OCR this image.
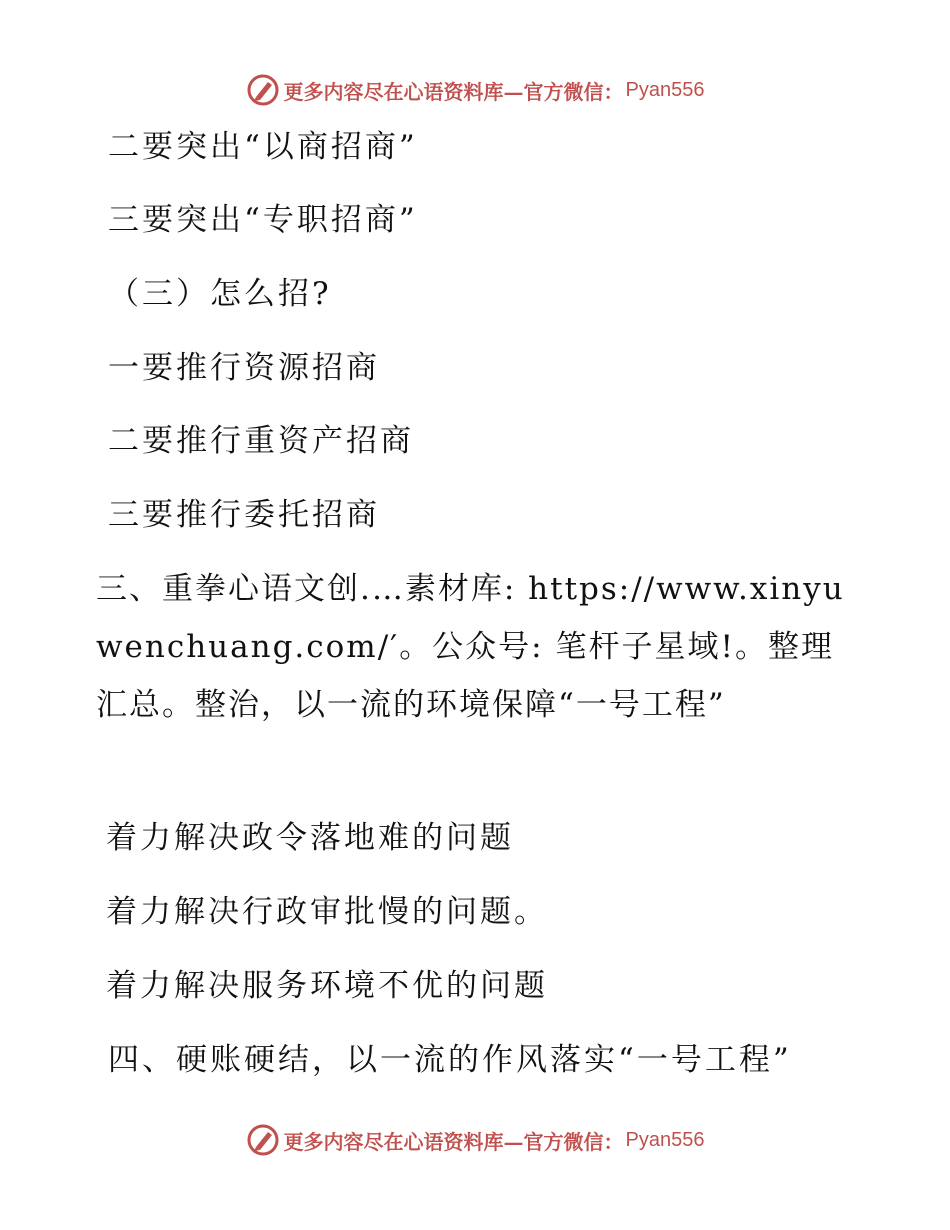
更多内容尽在心语资料库—官方微信： Pyan556
二要突出“以商招商”
三要突出“专职招商”
（三）怎么招?
一要推行资源招商
二要推行重资产招商
三要推行委托招商
三、重拳心语文创.…素材库: https://www.xinyuwenchuang.com/′。公众号: 笔杆子星域!。整理汇总。整治，以一流的环境保障“一号工程”
着力解决政令落地难的问题
着力解决行政审批慢的问题。
着力解决服务环境不优的问题
四、硬账硬结，以一流的作风落实“一号工程”
更多内容尽在心语资料库—官方微信： Pyan556
